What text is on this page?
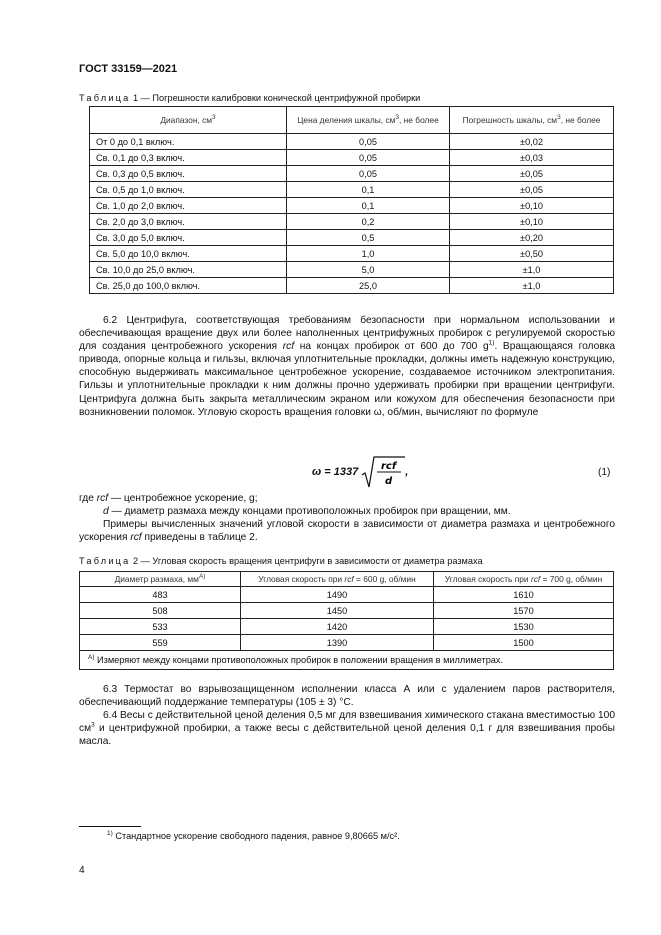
ГОСТ 33159—2021
Таблица 1 — Погрешности калибровки конической центрифужной пробирки
Диапазон, $см^3$	Цена деления шкалы, $см^3$, не более	Погрешность шкалы, $см^3$, не более
От 0 до 0,1 включ.	0,05	±0,02
Св. 0,1 до 0,3 включ.	0,05	±0,03
Св. 0,3 до 0,5 включ.	0,05	±0,05
Св. 0,5 до 1,0 включ.	0,1	±0,05
Св. 1,0 до 2,0 включ.	0,1	±0,10
Св. 2,0 до 3,0 включ.	0,2	±0,10
Св. 3,0 до 5,0 включ.	0,5	±0,20
Св. 5,0 до 10,0 включ.	1,0	±0,50
Св. 10,0 до 25,0 включ.	5,0	±1,0
Св. 25,0 до 100,0 включ.	25,0	±1,0

6.2 Центрифуга, соответствующая требованиям безопасности при нормальном использовании и обеспечивающая вращение двух или более наполненных центрифужных пробирок с регулируемой скоростью для создания центробежного ускорения rcf на концах пробирок от 600 до 700 $g^{1)}$. Вращающаяся головка привода, опорные кольца и гильзы, включая уплотнительные прокладки, должны иметь надежную конструкцию, способную выдерживать максимальное центробежное ускорение, создаваемое источником электропитания. Гильзы и уплотнительные прокладки к ним должны прочно удерживать пробирки при вращении центрифуги. Центрифуга должна быть закрыта металлическим экраном или кожухом для обеспечения безопасности при возникновении поломок. Угловую скорость вращения головки ω, об/мин, вычисляют по формуле

ω = 1337 rcf
d
,	(1)
где rcf — центробежное ускорение, g;
d — диаметр размаха между концами противоположных пробирок при вращении, мм.

Примеры вычисленных значений угловой скорости в зависимости от диаметра размаха и центробежного ускорения rcf приведены в таблице 2.

Таблица 2 — Угловая скорость вращения центрифуги в зависимости от диаметра размаха
Диаметр размаха, $мм^{A)}$	Угловая скорость при rcf = 600 g, об/мин	Угловая скорость при rcf = 700 g, об/мин
483	1490	1610
508	1450	1570
533	1420	1530
559	1390	1500
$^{A)}$ Измеряют между концами противоположных пробирок в положении вращения в миллиметрах.		

6.3 Термостат во взрывозащищенном исполнении класса А или с удалением паров растворителя, обеспечивающий поддержание температуры (105 ± 3) °С.

6.4 Весы с действительной ценой деления 0,5 мг для взвешивания химического стакана вместимостью 100 $см^3$ и центрифужной пробирки, а также весы с действительной ценой деления 0,1 г для взвешивания пробы масла.

$^{1)}$ Стандартное ускорение свободного падения, равное 9,80665 м/с².
4
